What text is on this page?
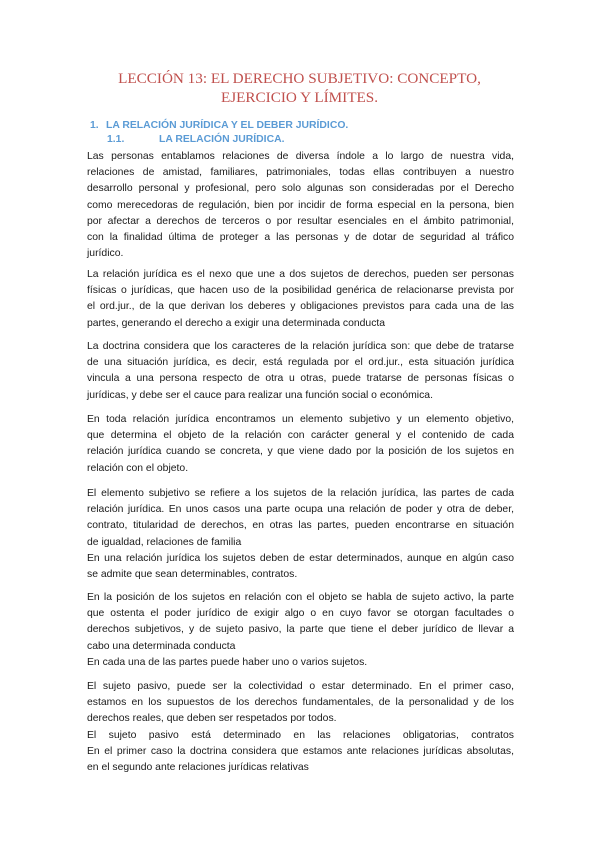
LECCIÓN 13: EL DERECHO SUBJETIVO: CONCEPTO,
EJERCICIO Y LÍMITES.
1. LA RELACIÓN JURÍDICA Y EL DEBER JURÍDICO.
1.1.	LA RELACIÓN JURÍDICA.

Las personas entablamos relaciones de diversa índole a lo largo de nuestra vida,
relaciones de amistad, familiares, patrimoniales, todas ellas contribuyen a nuestro
desarrollo personal y profesional, pero solo algunas son consideradas por el Derecho
como merecedoras de regulación, bien por incidir de forma especial en la persona, bien
por afectar a derechos de terceros o por resultar esenciales en el ámbito patrimonial,
con la finalidad última de proteger a las personas y de dotar de seguridad al tráfico
jurídico.

La relación jurídica es el nexo que une a dos sujetos de derechos, pueden ser personas
físicas o jurídicas, que hacen uso de la posibilidad genérica de relacionarse prevista por
el ord.jur., de la que derivan los deberes y obligaciones previstos para cada una de las
partes, generando el derecho a exigir una determinada conducta

La doctrina considera que los caracteres de la relación jurídica son: que debe de tratarse
de una situación jurídica, es decir, está regulada por el ord.jur., esta situación jurídica
vincula a una persona respecto de otra u otras, puede tratarse de personas físicas o
jurídicas, y debe ser el cauce para realizar una función social o económica.

En toda relación jurídica encontramos un elemento subjetivo y un elemento objetivo,
que determina el objeto de la relación con carácter general y el contenido de cada
relación jurídica cuando se concreta, y que viene dado por la posición de los sujetos en
relación con el objeto.

El elemento subjetivo se refiere a los sujetos de la relación jurídica, las partes de cada
relación jurídica. En unos casos una parte ocupa una relación de poder y otra de deber,
contrato, titularidad de derechos, en otras las partes, pueden encontrarse en situación
de igualdad, relaciones de familia
En una relación jurídica los sujetos deben de estar determinados, aunque en algún caso
se admite que sean determinables, contratos.

En la posición de los sujetos en relación con el objeto se habla de sujeto activo, la parte
que ostenta el poder jurídico de exigir algo o en cuyo favor se otorgan facultades o
derechos subjetivos, y de sujeto pasivo, la parte que tiene el deber jurídico de llevar a
cabo una determinada conducta
En cada una de las partes puede haber uno o varios sujetos.

El sujeto pasivo, puede ser la colectividad o estar determinado. En el primer caso,
estamos en los supuestos de los derechos fundamentales, de la personalidad y de los
derechos reales, que deben ser respetados por todos.
El sujeto pasivo está determinado en las relaciones obligatorias, contratos
En el primer caso la doctrina considera que estamos ante relaciones jurídicas absolutas,
en el segundo ante relaciones jurídicas relativas
